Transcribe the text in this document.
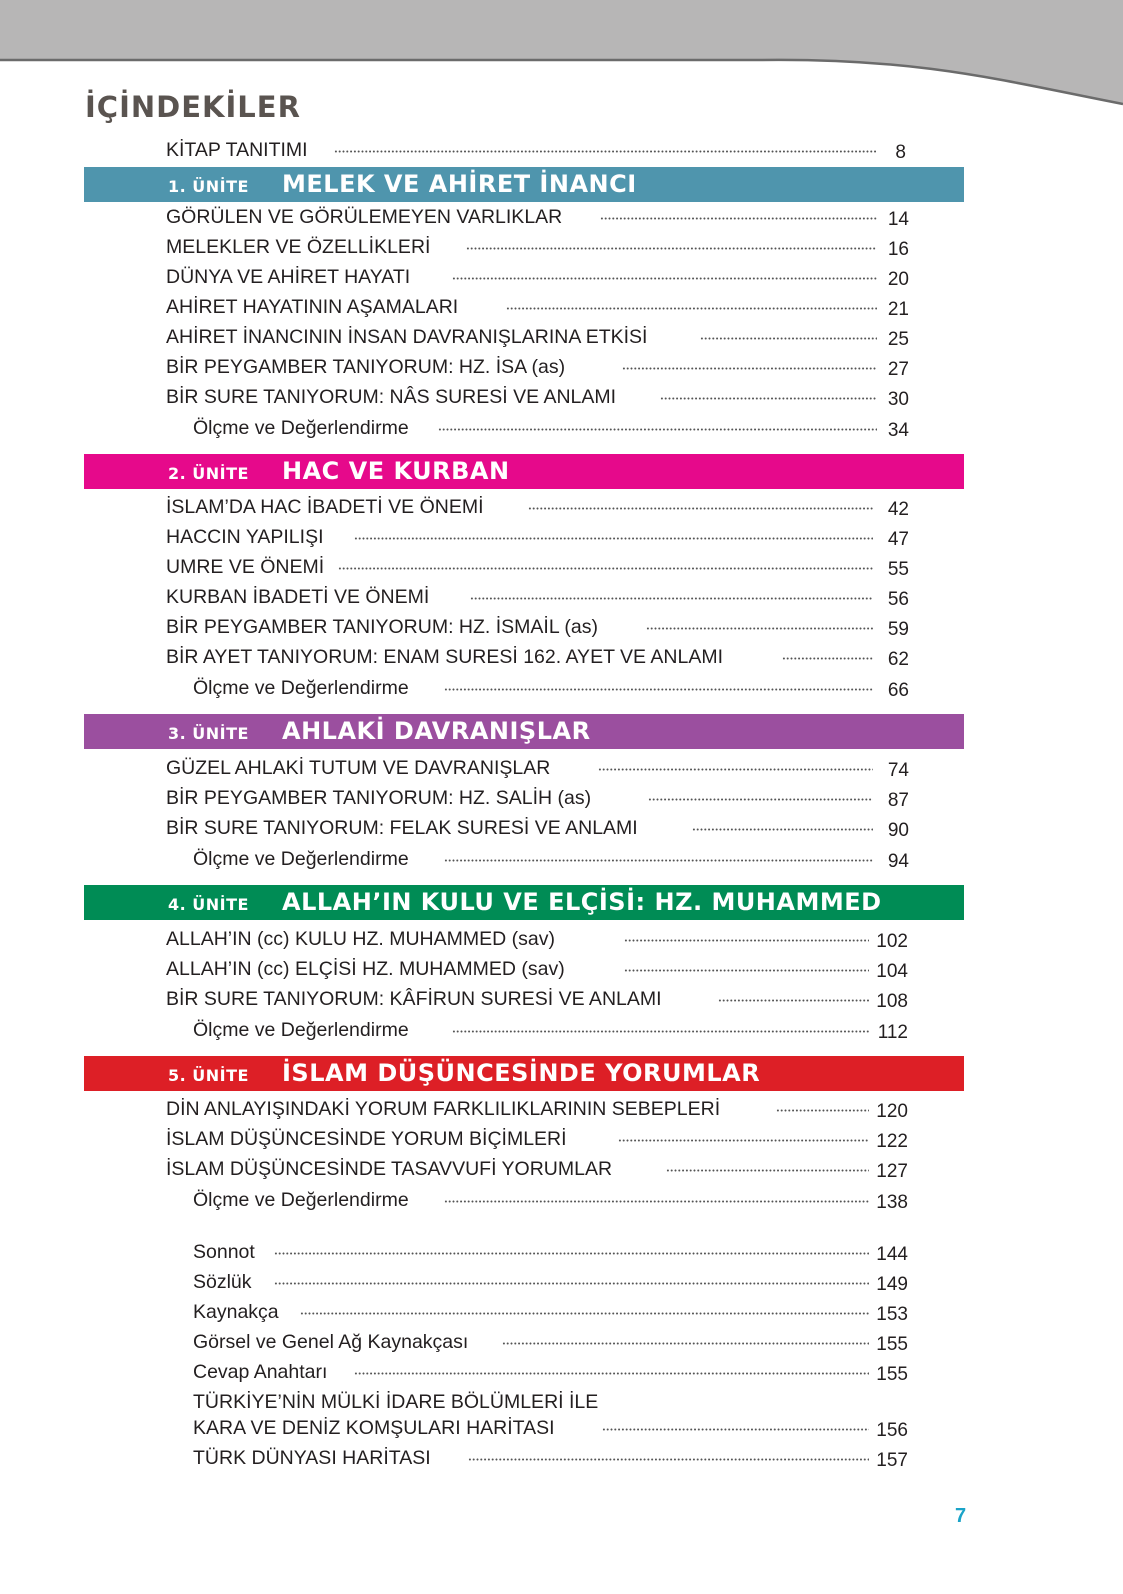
İÇİNDEKİLER
KİTAP TANITIMI	8
1. ÜNİTE MELEK VE AHİRET İNANCI
GÖRÜLEN VE GÖRÜLEMEYEN VARLIKLAR	14
MELEKLER VE ÖZELLİKLERİ	16
DÜNYA VE AHİRET HAYATI	20
AHİRET HAYATININ AŞAMALARI	21
AHİRET İNANCININ İNSAN DAVRANIŞLARINA ETKİSİ	25
BİR PEYGAMBER TANIYORUM: HZ. İSA (as)	27
BİR SURE TANIYORUM: NÂS SURESİ VE ANLAMI	30
Ölçme ve Değerlendirme	34
2. ÜNİTE HAC VE KURBAN
İSLAM’DA HAC İBADETİ VE ÖNEMİ	42
HACCIN YAPILIŞI	47
UMRE VE ÖNEMİ	55
KURBAN İBADETİ VE ÖNEMİ	56
BİR PEYGAMBER TANIYORUM: HZ. İSMAİL (as)	59
BİR AYET TANIYORUM: ENAM SURESİ 162. AYET VE ANLAMI	62
Ölçme ve Değerlendirme	66
3. ÜNİTE AHLAKİ DAVRANIŞLAR
GÜZEL AHLAKİ TUTUM VE DAVRANIŞLAR	74
BİR PEYGAMBER TANIYORUM: HZ. SALİH (as)	87
BİR SURE TANIYORUM: FELAK SURESİ VE ANLAMI	90
Ölçme ve Değerlendirme	94
4. ÜNİTE ALLAH’IN KULU VE ELÇİSİ: HZ. MUHAMMED
ALLAH’IN (cc) KULU HZ. MUHAMMED (sav)	102
ALLAH’IN (cc) ELÇİSİ HZ. MUHAMMED (sav)	104
BİR SURE TANIYORUM: KÂFİRUN SURESİ VE ANLAMI	108
Ölçme ve Değerlendirme	112
5. ÜNİTE İSLAM DÜŞÜNCESİNDE YORUMLAR
DİN ANLAYIŞINDAKİ YORUM FARKLILIKLARININ SEBEPLERİ	120
İSLAM DÜŞÜNCESİNDE YORUM BİÇİMLERİ	122
İSLAM DÜŞÜNCESİNDE TASAVVUFİ YORUMLAR	127
Ölçme ve Değerlendirme	138
Sonnot	144
Sözlük	149
Kaynakça	153
Görsel ve Genel Ağ Kaynakçası	155
Cevap Anahtarı	155
TÜRKİYE’NİN MÜLKİ İDARE BÖLÜMLERİ İLE
KARA VE DENİZ KOMŞULARI HARİTASI	156
TÜRK DÜNYASI HARİTASI	157
7
